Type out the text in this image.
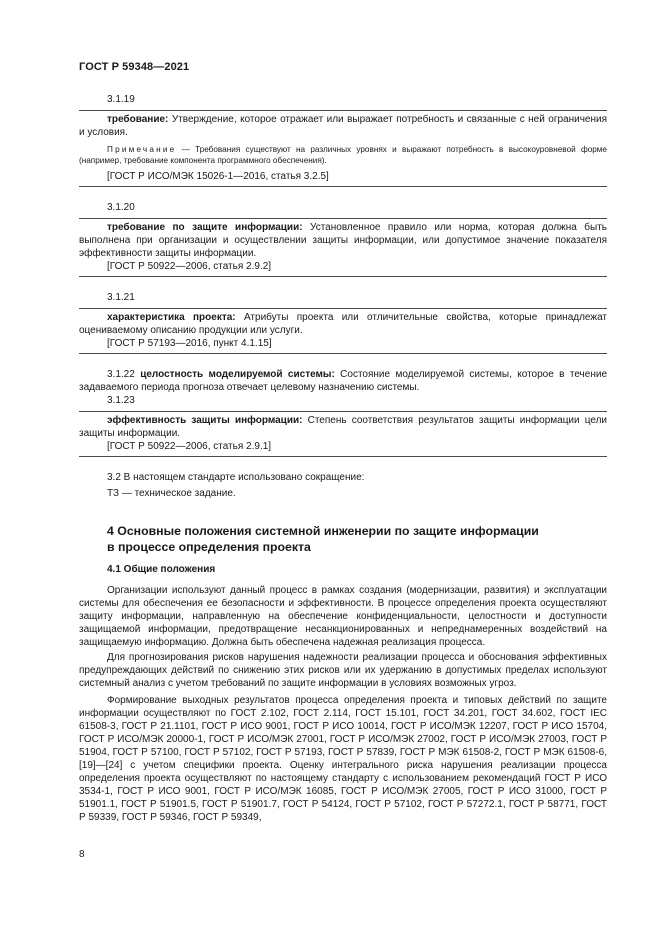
ГОСТ Р 59348—2021

3.1.19

требование: Утверждение, которое отражает или выражает потребность и связанные с ней ограничения и условия.

Примечание — Требования существуют на различных уровнях и выражают потребность в высокоуровневой форме (например, требование компонента программного обеспечения).

[ГОСТ Р ИСО/МЭК 15026-1—2016, статья 3.2.5]

3.1.20

требование по защите информации: Установленное правило или норма, которая должна быть выполнена при организации и осуществлении защиты информации, или допустимое значение показателя эффективности защиты информации.

[ГОСТ Р 50922—2006, статья 2.9.2]

3.1.21

характеристика проекта: Атрибуты проекта или отличительные свойства, которые принадлежат оцениваемому описанию продукции или услуги.

[ГОСТ Р 57193—2016, пункт 4.1.15]

3.1.22 целостность моделируемой системы: Состояние моделируемой системы, которое в течение задаваемого периода прогноза отвечает целевому назначению системы.

3.1.23

эффективность защиты информации: Степень соответствия результатов защиты информации цели защиты информации.

[ГОСТ Р 50922—2006, статья 2.9.1]

3.2 В настоящем стандарте использовано сокращение:

ТЗ — техническое задание.

4 Основные положения системной инженерии по защите информации

в процессе определения проекта

4.1 Общие положения

Организации используют данный процесс в рамках создания (модернизации, развития) и эксплуатации системы для обеспечения ее безопасности и эффективности. В процессе определения проекта осуществляют защиту информации, направленную на обеспечение конфиденциальности, целостности и доступности защищаемой информации, предотвращение несанкционированных и непреднамеренных воздействий на защищаемую информацию. Должна быть обеспечена надежная реализация процесса.

Для прогнозирования рисков нарушения надежности реализации процесса и обоснования эффективных предупреждающих действий по снижению этих рисков или их удержанию в допустимых пределах используют системный анализ с учетом требований по защите информации в условиях возможных угроз.

Формирование выходных результатов процесса определения проекта и типовых действий по защите информации осуществляют по ГОСТ 2.102, ГОСТ 2.114, ГОСТ 15.101, ГОСТ 34.201, ГОСТ 34.602, ГОСТ IEC 61508-3, ГОСТ Р 21.1101, ГОСТ Р ИСО 9001, ГОСТ Р ИСО 10014, ГОСТ Р ИСО/МЭК 12207, ГОСТ Р ИСО 15704, ГОСТ Р ИСО/МЭК 20000-1, ГОСТ Р ИСО/МЭК 27001, ГОСТ Р ИСО/МЭК 27002, ГОСТ Р ИСО/МЭК 27003, ГОСТ Р 51904, ГОСТ Р 57100, ГОСТ Р 57102, ГОСТ Р 57193, ГОСТ Р 57839, ГОСТ Р МЭК 61508-2, ГОСТ Р МЭК 61508-6, [19]—[24] с учетом специфики проекта. Оценку интегрального риска нарушения реализации процесса определения проекта осуществляют по настоящему стандарту с использованием рекомендаций ГОСТ Р ИСО 3534-1, ГОСТ Р ИСО 9001, ГОСТ Р ИСО/МЭК 16085, ГОСТ Р ИСО/МЭК 27005, ГОСТ Р ИСО 31000, ГОСТ Р 51901.1, ГОСТ Р 51901.5, ГОСТ Р 51901.7, ГОСТ Р 54124, ГОСТ Р 57102, ГОСТ Р 57272.1, ГОСТ Р 58771, ГОСТ Р 59339, ГОСТ Р 59346, ГОСТ Р 59349,

8
